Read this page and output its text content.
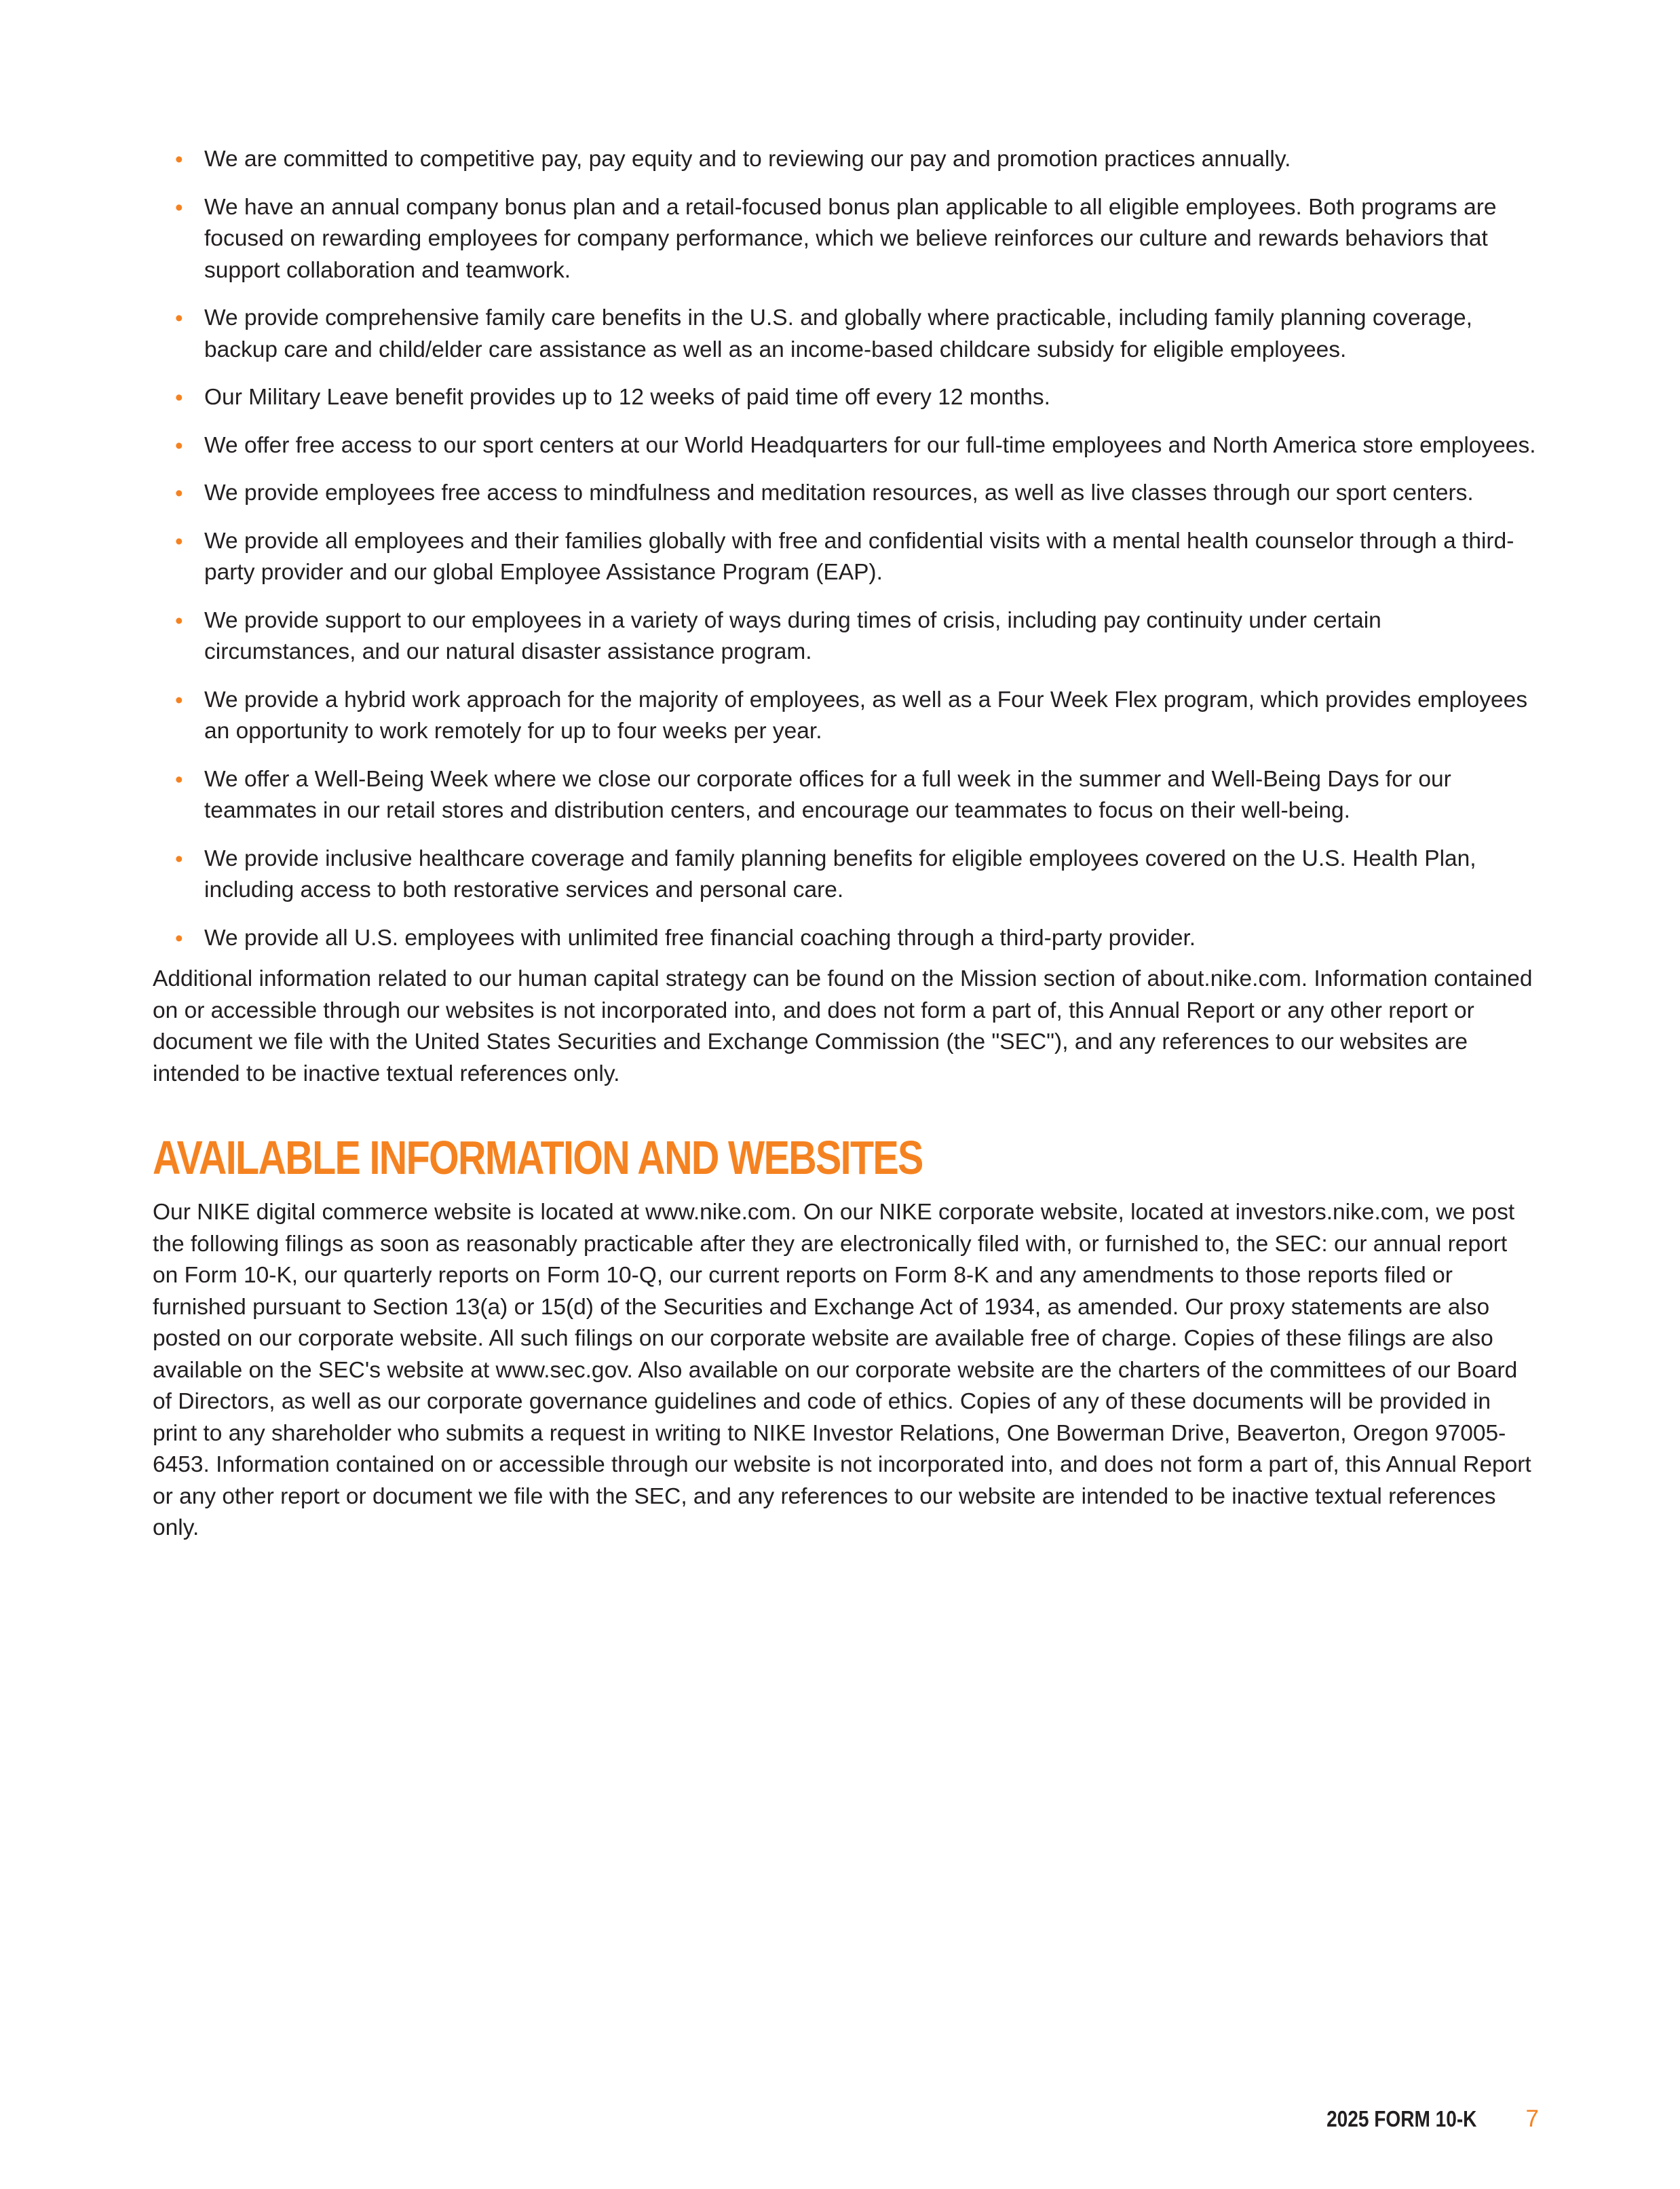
• We are committed to competitive pay, pay equity and to reviewing our pay and promotion practices annually.
• We have an annual company bonus plan and a retail-focused bonus plan applicable to all eligible employees. Both programs are focused on rewarding employees for company performance, which we believe reinforces our culture and rewards behaviors that support collaboration and teamwork.
• We provide comprehensive family care benefits in the U.S. and globally where practicable, including family planning coverage, backup care and child/elder care assistance as well as an income-based childcare subsidy for eligible employees.
• Our Military Leave benefit provides up to 12 weeks of paid time off every 12 months.
• We offer free access to our sport centers at our World Headquarters for our full-time employees and North America store employees.
• We provide employees free access to mindfulness and meditation resources, as well as live classes through our sport centers.
• We provide all employees and their families globally with free and confidential visits with a mental health counselor through a third-party provider and our global Employee Assistance Program (EAP).
• We provide support to our employees in a variety of ways during times of crisis, including pay continuity under certain circumstances, and our natural disaster assistance program.
• We provide a hybrid work approach for the majority of employees, as well as a Four Week Flex program, which provides employees an opportunity to work remotely for up to four weeks per year.
• We offer a Well-Being Week where we close our corporate offices for a full week in the summer and Well-Being Days for our teammates in our retail stores and distribution centers, and encourage our teammates to focus on their well-being.
• We provide inclusive healthcare coverage and family planning benefits for eligible employees covered on the U.S. Health Plan, including access to both restorative services and personal care.
• We provide all U.S. employees with unlimited free financial coaching through a third-party provider.

Additional information related to our human capital strategy can be found on the Mission section of about.nike.com. Information contained on or accessible through our websites is not incorporated into, and does not form a part of, this Annual Report or any other report or document we file with the United States Securities and Exchange Commission (the "SEC"), and any references to our websites are intended to be inactive textual references only.

AVAILABLE INFORMATION AND WEBSITES

Our NIKE digital commerce website is located at www.nike.com. On our NIKE corporate website, located at investors.nike.com, we post the following filings as soon as reasonably practicable after they are electronically filed with, or furnished to, the SEC: our annual report on Form 10-K, our quarterly reports on Form 10-Q, our current reports on Form 8-K and any amendments to those reports filed or furnished pursuant to Section 13(a) or 15(d) of the Securities and Exchange Act of 1934, as amended. Our proxy statements are also posted on our corporate website. All such filings on our corporate website are available free of charge. Copies of these filings are also available on the SEC's website at www.sec.gov. Also available on our corporate website are the charters of the committees of our Board of Directors, as well as our corporate governance guidelines and code of ethics. Copies of any of these documents will be provided in print to any shareholder who submits a request in writing to NIKE Investor Relations, One Bowerman Drive, Beaverton, Oregon 97005-6453. Information contained on or accessible through our website is not incorporated into, and does not form a part of, this Annual Report or any other report or document we file with the SEC, and any references to our website are intended to be inactive textual references only.

2025 FORM 10-K 7
